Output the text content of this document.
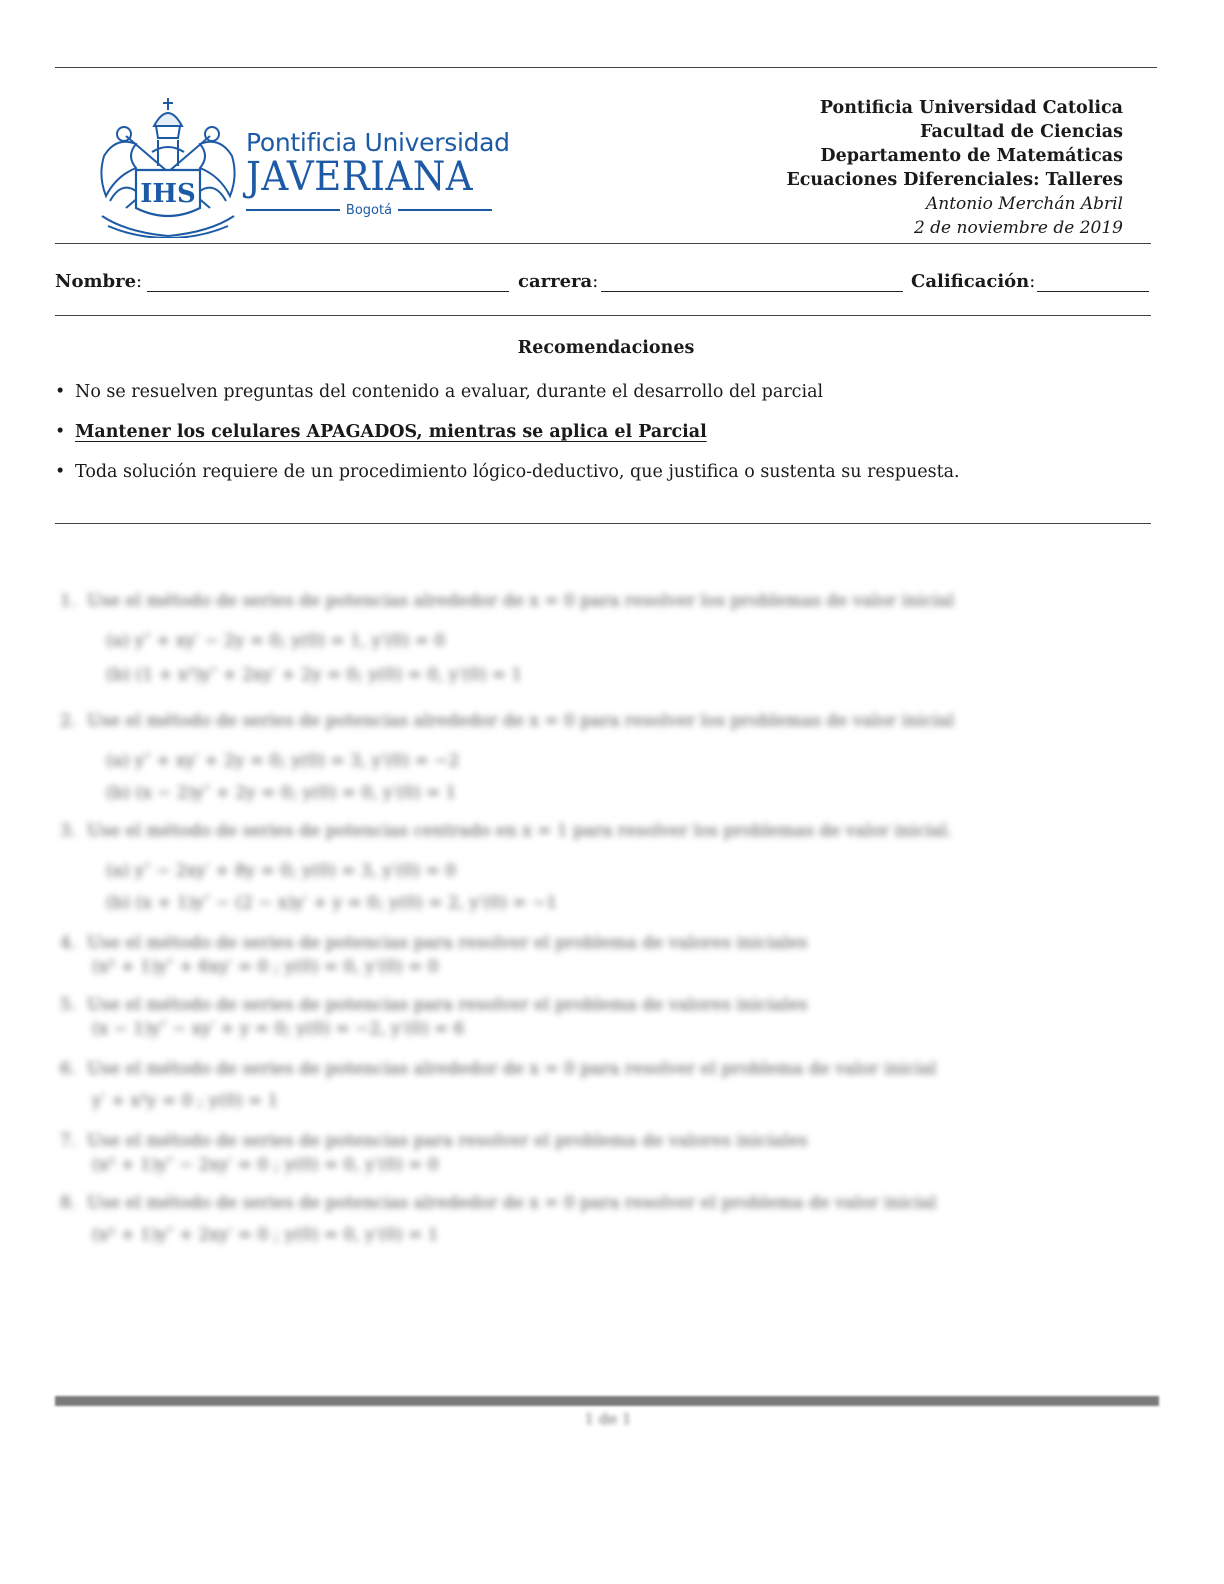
IHS
Pontificia Universidad
JAVERIANA
Bogotá
Pontificia Universidad Catolica
Facultad de Ciencias
Departamento de Matemáticas
Ecuaciones Diferenciales: Talleres
Antonio Merchán Abril
2 de noviembre de 2019
Nombre:	carrera:	Calificación:
Recomendaciones
• No se resuelven preguntas del contenido a evaluar, durante el desarrollo del parcial
• Mantener los celulares APAGADOS, mientras se aplica el Parcial
• Toda solución requiere de un procedimiento lógico-deductivo, que justifica o sustenta su respuesta.
1. Use el método de series de potencias alrededor de x = 0 para resolver los problemas de valor inicial
(a) y″ + xy′ − 2y = 0; y(0) = 1, y′(0) = 0
(b) (1 + x²)y″ + 2xy′ + 2y = 0; y(0) = 0, y′(0) = 1
2. Use el método de series de potencias alrededor de x = 0 para resolver los problemas de valor inicial
(a) y″ + xy′ + 2y = 0; y(0) = 3, y′(0) = −2
(b) (x − 2)y″ + 2y = 0; y(0) = 0, y′(0) = 1
3. Use el método de series de potencias centrado en x = 1 para resolver los problemas de valor inicial.
(a) y″ − 2xy′ + 8y = 0; y(0) = 3, y′(0) = 0
(b) (x + 1)y″ − (2 − x)y′ + y = 0; y(0) = 2, y′(0) = −1
4. Use el método de series de potencias para resolver el problema de valores iniciales
(x² + 1)y″ + 6xy′ = 0 ; y(0) = 0, y′(0) = 0
5. Use el método de series de potencias para resolver el problema de valores iniciales
(x − 1)y″ − xy′ + y = 0; y(0) = −2, y′(0) = 6
6. Use el método de series de potencias alrededor de x = 0 para resolver el problema de valor inicial
y′ + x²y = 0 ; y(0) = 1
7. Use el método de series de potencias para resolver el problema de valores iniciales
(x² + 1)y″ − 2xy′ = 0 ; y(0) = 0, y′(0) = 0
8. Use el método de series de potencias alrededor de x = 0 para resolver el problema de valor inicial
(x² + 1)y″ + 2xy′ = 0 ; y(0) = 0, y′(0) = 1
1 de 1
